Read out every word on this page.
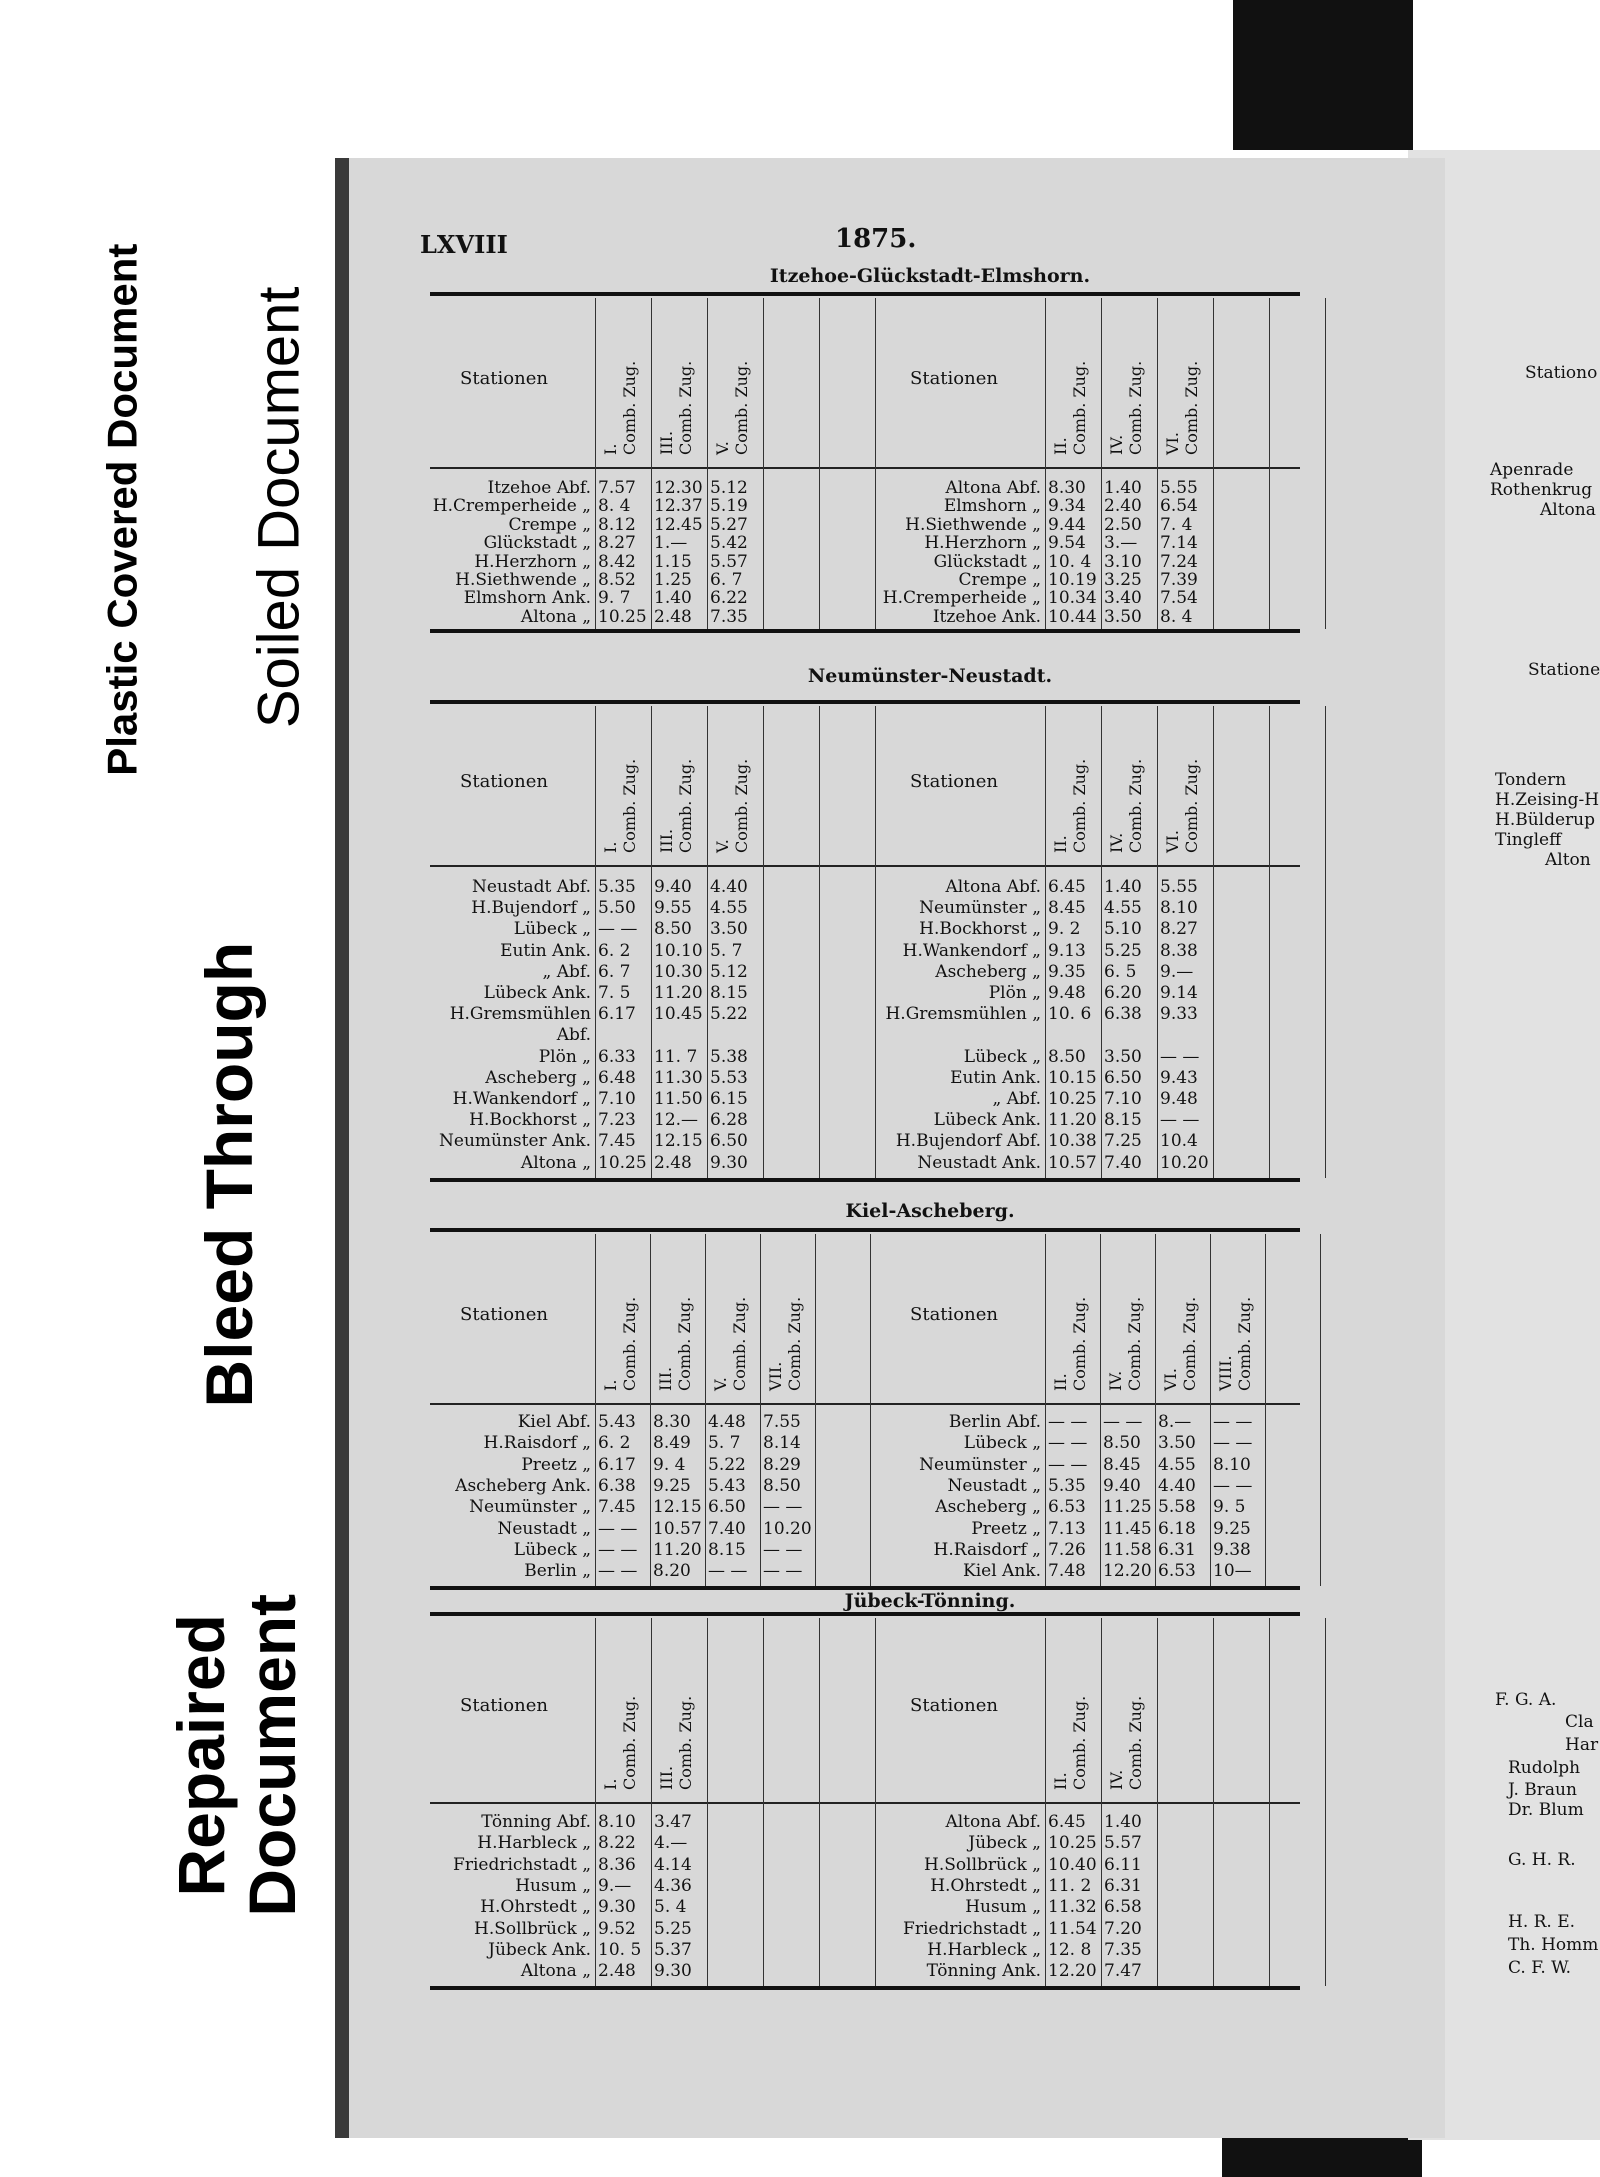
Plastic Covered Document Soiled Document
Bleed Through
Repaired Document
Stationo
Apenrade
Rothenkrug
Altona
Statione
Tondern
H.Zeising-H
H.Bülderup
Tingleff
Alton
F. G. A.
Cla
Har
Rudolph
J. Braun
Dr. Blum
G. H. R.
H. R. E.
Th. Homm
C. F. W.
LXVIII	1875.
Itzehoe-Glückstadt-Elmshorn.
Stationen
I. Comb. Zug. III. Comb. Zug. V. Comb. Zug.
Itzehoe Abf. 7.57 12.30 5.12
H.Cremperheide „ 8. 4 12.37 5.19
Crempe „ 8.12 12.45 5.27
Glückstadt „ 8.27 1.— 5.42
H.Herzhorn „ 8.42 1.15 5.57
H.Siethwende „ 8.52 1.25 6. 7
Elmshorn Ank. 9. 7 1.40 6.22
Altona „ 10.25 2.48 7.35
Stationen
II. Comb. Zug. IV. Comb. Zug. VI. Comb. Zug.
Altona Abf. 8.30 1.40 5.55
Elmshorn „ 9.34 2.40 6.54
H.Siethwende „ 9.44 2.50 7. 4
H.Herzhorn „ 9.54 3.— 7.14
Glückstadt „ 10. 4 3.10 7.24
Crempe „ 10.19 3.25 7.39
H.Cremperheide „ 10.34 3.40 7.54
Itzehoe Ank. 10.44 3.50 8. 4
Neumünster-Neustadt.
Stationen
I. Comb. Zug. III. Comb. Zug. V. Comb. Zug.
Neustadt Abf. 5.35 9.40 4.40
H.Bujendorf „ 5.50 9.55 4.55
Lübeck „ — — 8.50 3.50
Eutin Ank. 6. 2 10.10 5. 7
„ Abf. 6. 7 10.30 5.12
Lübeck Ank. 7. 5 11.20 8.15
H.Gremsmühlen 6.17 10.45 5.22
Abf.
Plön „ 6.33 11. 7 5.38
Ascheberg „ 6.48 11.30 5.53
H.Wankendorf „ 7.10 11.50 6.15
H.Bockhorst „ 7.23 12.— 6.28
Neumünster Ank. 7.45 12.15 6.50
Altona „ 10.25 2.48 9.30
Stationen
II. Comb. Zug. IV. Comb. Zug. VI. Comb. Zug.
Altona Abf. 6.45 1.40 5.55
Neumünster „ 8.45 4.55 8.10
H.Bockhorst „ 9. 2 5.10 8.27
H.Wankendorf „ 9.13 5.25 8.38
Ascheberg „ 9.35 6. 5 9.—
Plön „ 9.48 6.20 9.14
H.Gremsmühlen „ 10. 6 6.38 9.33
Lübeck „ 8.50 3.50 — —
Eutin Ank. 10.15 6.50 9.43
„ Abf. 10.25 7.10 9.48
Lübeck Ank. 11.20 8.15 — —
H.Bujendorf Abf. 10.38 7.25 10.4
Neustadt Ank. 10.57 7.40 10.20
Kiel-Ascheberg.
Stationen
I. Comb. Zug. III. Comb. Zug. V. Comb. Zug. VII. Comb. Zug.
Kiel Abf. 5.43 8.30 4.48 7.55
H.Raisdorf „ 6. 2 8.49 5. 7 8.14
Preetz „ 6.17 9. 4 5.22 8.29
Ascheberg Ank. 6.38 9.25 5.43 8.50
Neumünster „ 7.45 12.15 6.50 — —
Neustadt „ — — 10.57 7.40 10.20
Lübeck „ — — 11.20 8.15 — —
Berlin „ — — 8.20 — — — —
Stationen
II. Comb. Zug. IV. Comb. Zug. VI. Comb. Zug. VIII. Comb. Zug.
Berlin Abf. — — — — 8.— — —
Lübeck „ — — 8.50 3.50 — —
Neumünster „ — — 8.45 4.55 8.10
Neustadt „ 5.35 9.40 4.40 — —
Ascheberg „ 6.53 11.25 5.58 9. 5
Preetz „ 7.13 11.45 6.18 9.25
H.Raisdorf „ 7.26 11.58 6.31 9.38
Kiel Ank. 7.48 12.20 6.53 10—
Jübeck-Tönning.
Stationen
I. Comb. Zug. III. Comb. Zug.
Tönning Abf. 8.10 3.47
H.Harbleck „ 8.22 4.—
Friedrichstadt „ 8.36 4.14
Husum „ 9.— 4.36
H.Ohrstedt „ 9.30 5. 4
H.Sollbrück „ 9.52 5.25
Jübeck Ank. 10. 5 5.37
Altona „ 2.48 9.30
Stationen
II. Comb. Zug. IV. Comb. Zug.
Altona Abf. 6.45 1.40
Jübeck „ 10.25 5.57
H.Sollbrück „ 10.40 6.11
H.Ohrstedt „ 11. 2 6.31
Husum „ 11.32 6.58
Friedrichstadt „ 11.54 7.20
H.Harbleck „ 12. 8 7.35
Tönning Ank. 12.20 7.47
